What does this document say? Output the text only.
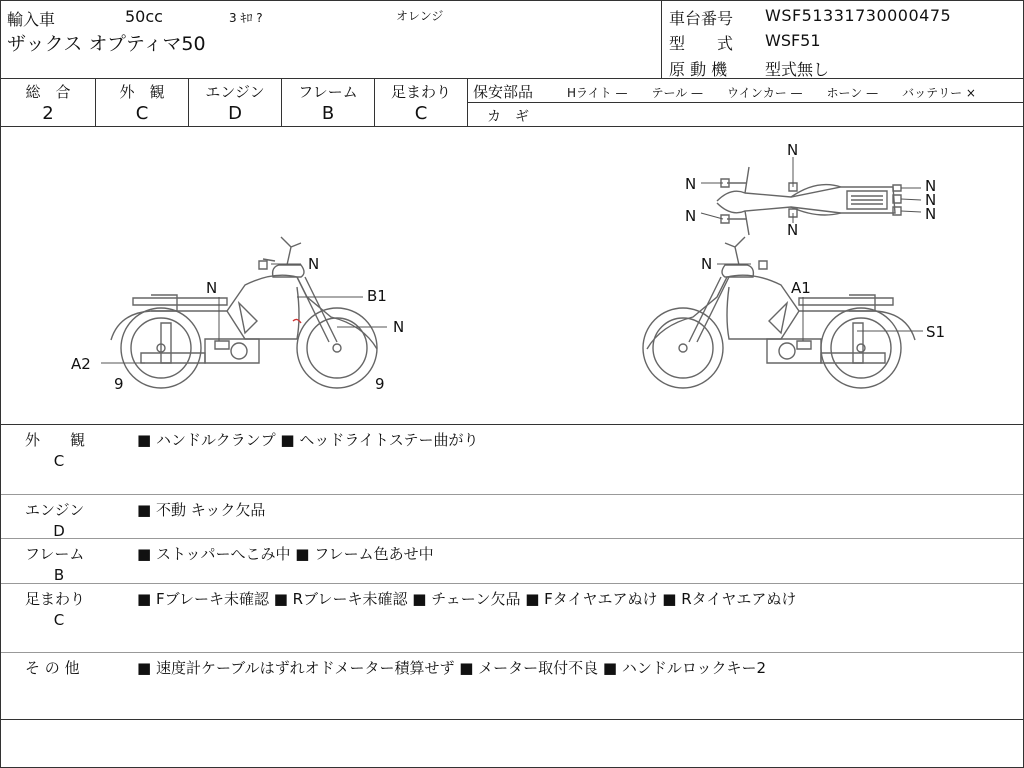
輸入車	50cc	3 ｷﾛ ?	オレンジ
ザックス オプティマ50
車台番号 WSF51331730000475
型　　式 WSF51
原 動 機 型式無し
総　合
2
外　観
C
エンジン
D
フレーム
B
足まわり
C
保安部品	Hライト —　　テール —　　ウインカー —　　ホーン —　　バッテリー ×
カ　ギ
N
B1
N
N
A2
9	9
N
A1
S1
N
N
N
N
N
N
N
外　　観
C
■ ハンドルクランプ ■ ヘッドライトステー曲がり
エンジン
D
■ 不動 キック欠品
フレーム
B
■ ストッパーへこみ中 ■ フレーム色あせ中
足まわり
C
■ Fブレーキ未確認 ■ Rブレーキ未確認 ■ チェーン欠品 ■ Fタイヤエアぬけ ■ Rタイヤエアぬけ
そ の 他	■ 速度計ケーブルはずれオドメーター積算せず ■ メーター取付不良 ■ ハンドルロックキー2
